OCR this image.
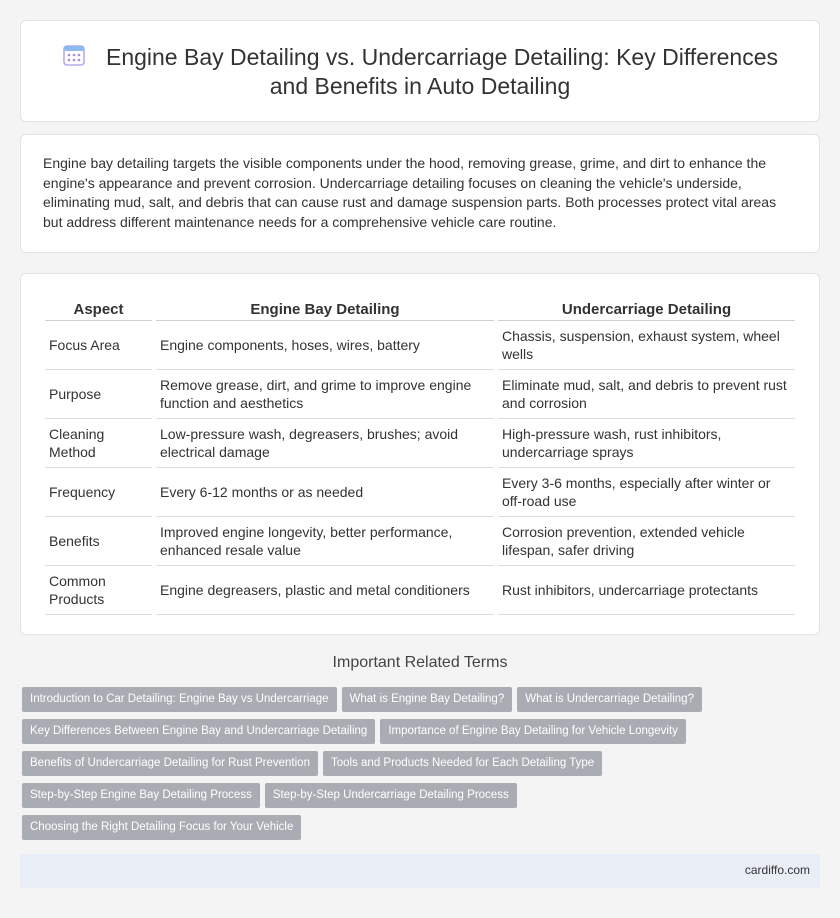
Engine Bay Detailing vs. Undercarriage Detailing: Key Differences and Benefits in Auto Detailing

Engine bay detailing targets the visible components under the hood, removing grease, grime, and dirt to enhance the engine's appearance and prevent corrosion. Undercarriage detailing focuses on cleaning the vehicle's underside, eliminating mud, salt, and debris that can cause rust and damage suspension parts. Both processes protect vital areas but address different maintenance needs for a comprehensive vehicle care routine.

Aspect	Engine Bay Detailing	Undercarriage Detailing
Focus Area	Engine components, hoses, wires, battery	Chassis, suspension, exhaust system, wheel wells
Purpose	Remove grease, dirt, and grime to improve engine function and aesthetics	Eliminate mud, salt, and debris to prevent rust and corrosion
Cleaning Method	Low-pressure wash, degreasers, brushes; avoid electrical damage	High-pressure wash, rust inhibitors, undercarriage sprays
Frequency	Every 6-12 months or as needed	Every 3-6 months, especially after winter or off-road use
Benefits	Improved engine longevity, better performance, enhanced resale value	Corrosion prevention, extended vehicle lifespan, safer driving
Common Products	Engine degreasers, plastic and metal conditioners	Rust inhibitors, undercarriage protectants
Important Related Terms
Introduction to Car Detailing: Engine Bay vs Undercarriage What is Engine Bay Detailing? What is Undercarriage Detailing?
Key Differences Between Engine Bay and Undercarriage Detailing Importance of Engine Bay Detailing for Vehicle Longevity
Benefits of Undercarriage Detailing for Rust Prevention Tools and Products Needed for Each Detailing Type
Step-by-Step Engine Bay Detailing Process Step-by-Step Undercarriage Detailing Process
Choosing the Right Detailing Focus for Your Vehicle
cardiffo.com
